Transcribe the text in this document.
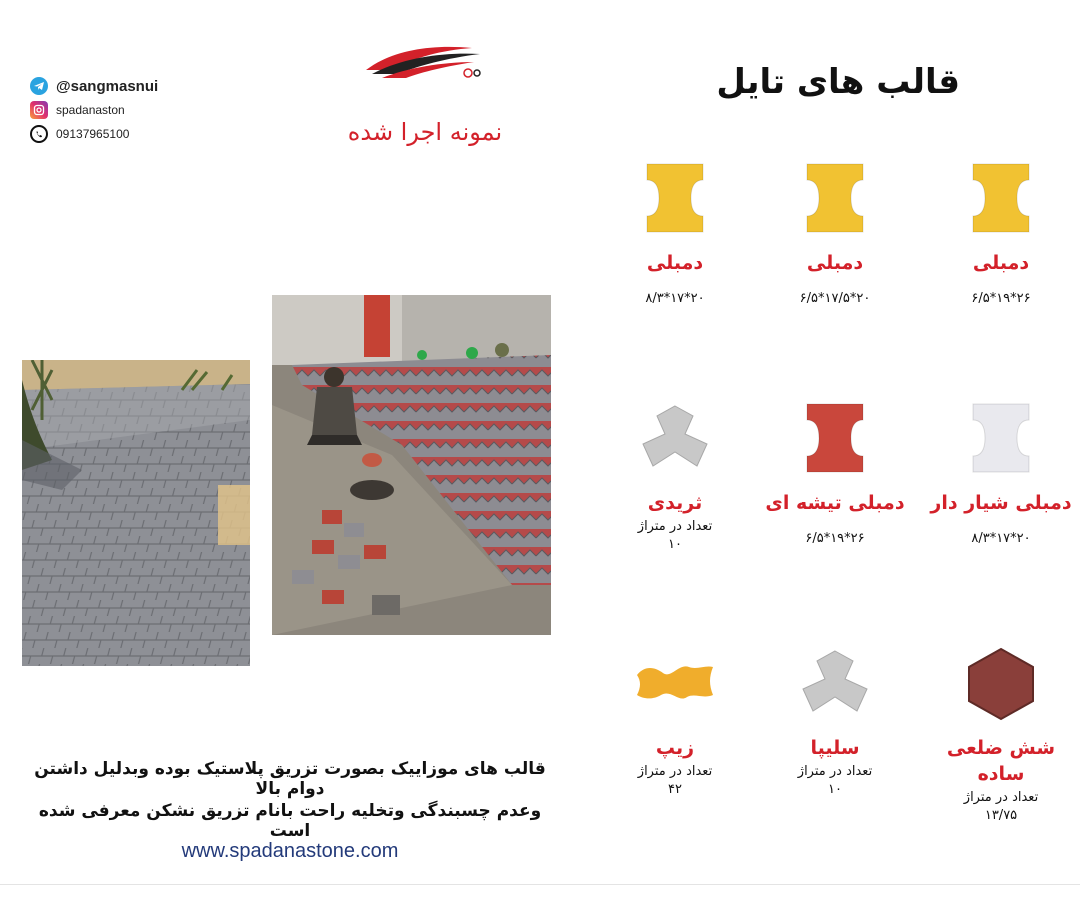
@sangmasnui
spadanaston
09137965100	نمونه اجرا شده
قالب های تایل
دمبلی
۲۶*۱۹*۶/۵
دمبلی
۲۰*۱۷/۵*۶/۵
دمبلی
۲۰*۱۷*۸/۳
دمبلی شیار دار
۲۰*۱۷*۸/۳
دمبلی تیشه ای
۲۶*۱۹*۶/۵
ثریدی
تعداد در متراژ
۱۰
شش ضلعی ساده
تعداد در متراژ
۱۳/۷۵
سلیپا
تعداد در متراژ
۱۰
زیپ
تعداد در متراژ
۴۲
قالب های موزاییک بصورت تزریق پلاستیک بوده وبدلیل داشتن دوام بالا
وعدم چسبندگی وتخلیه راحت بانام تزریق نشکن معرفی شده است
www.spadanastone.com
